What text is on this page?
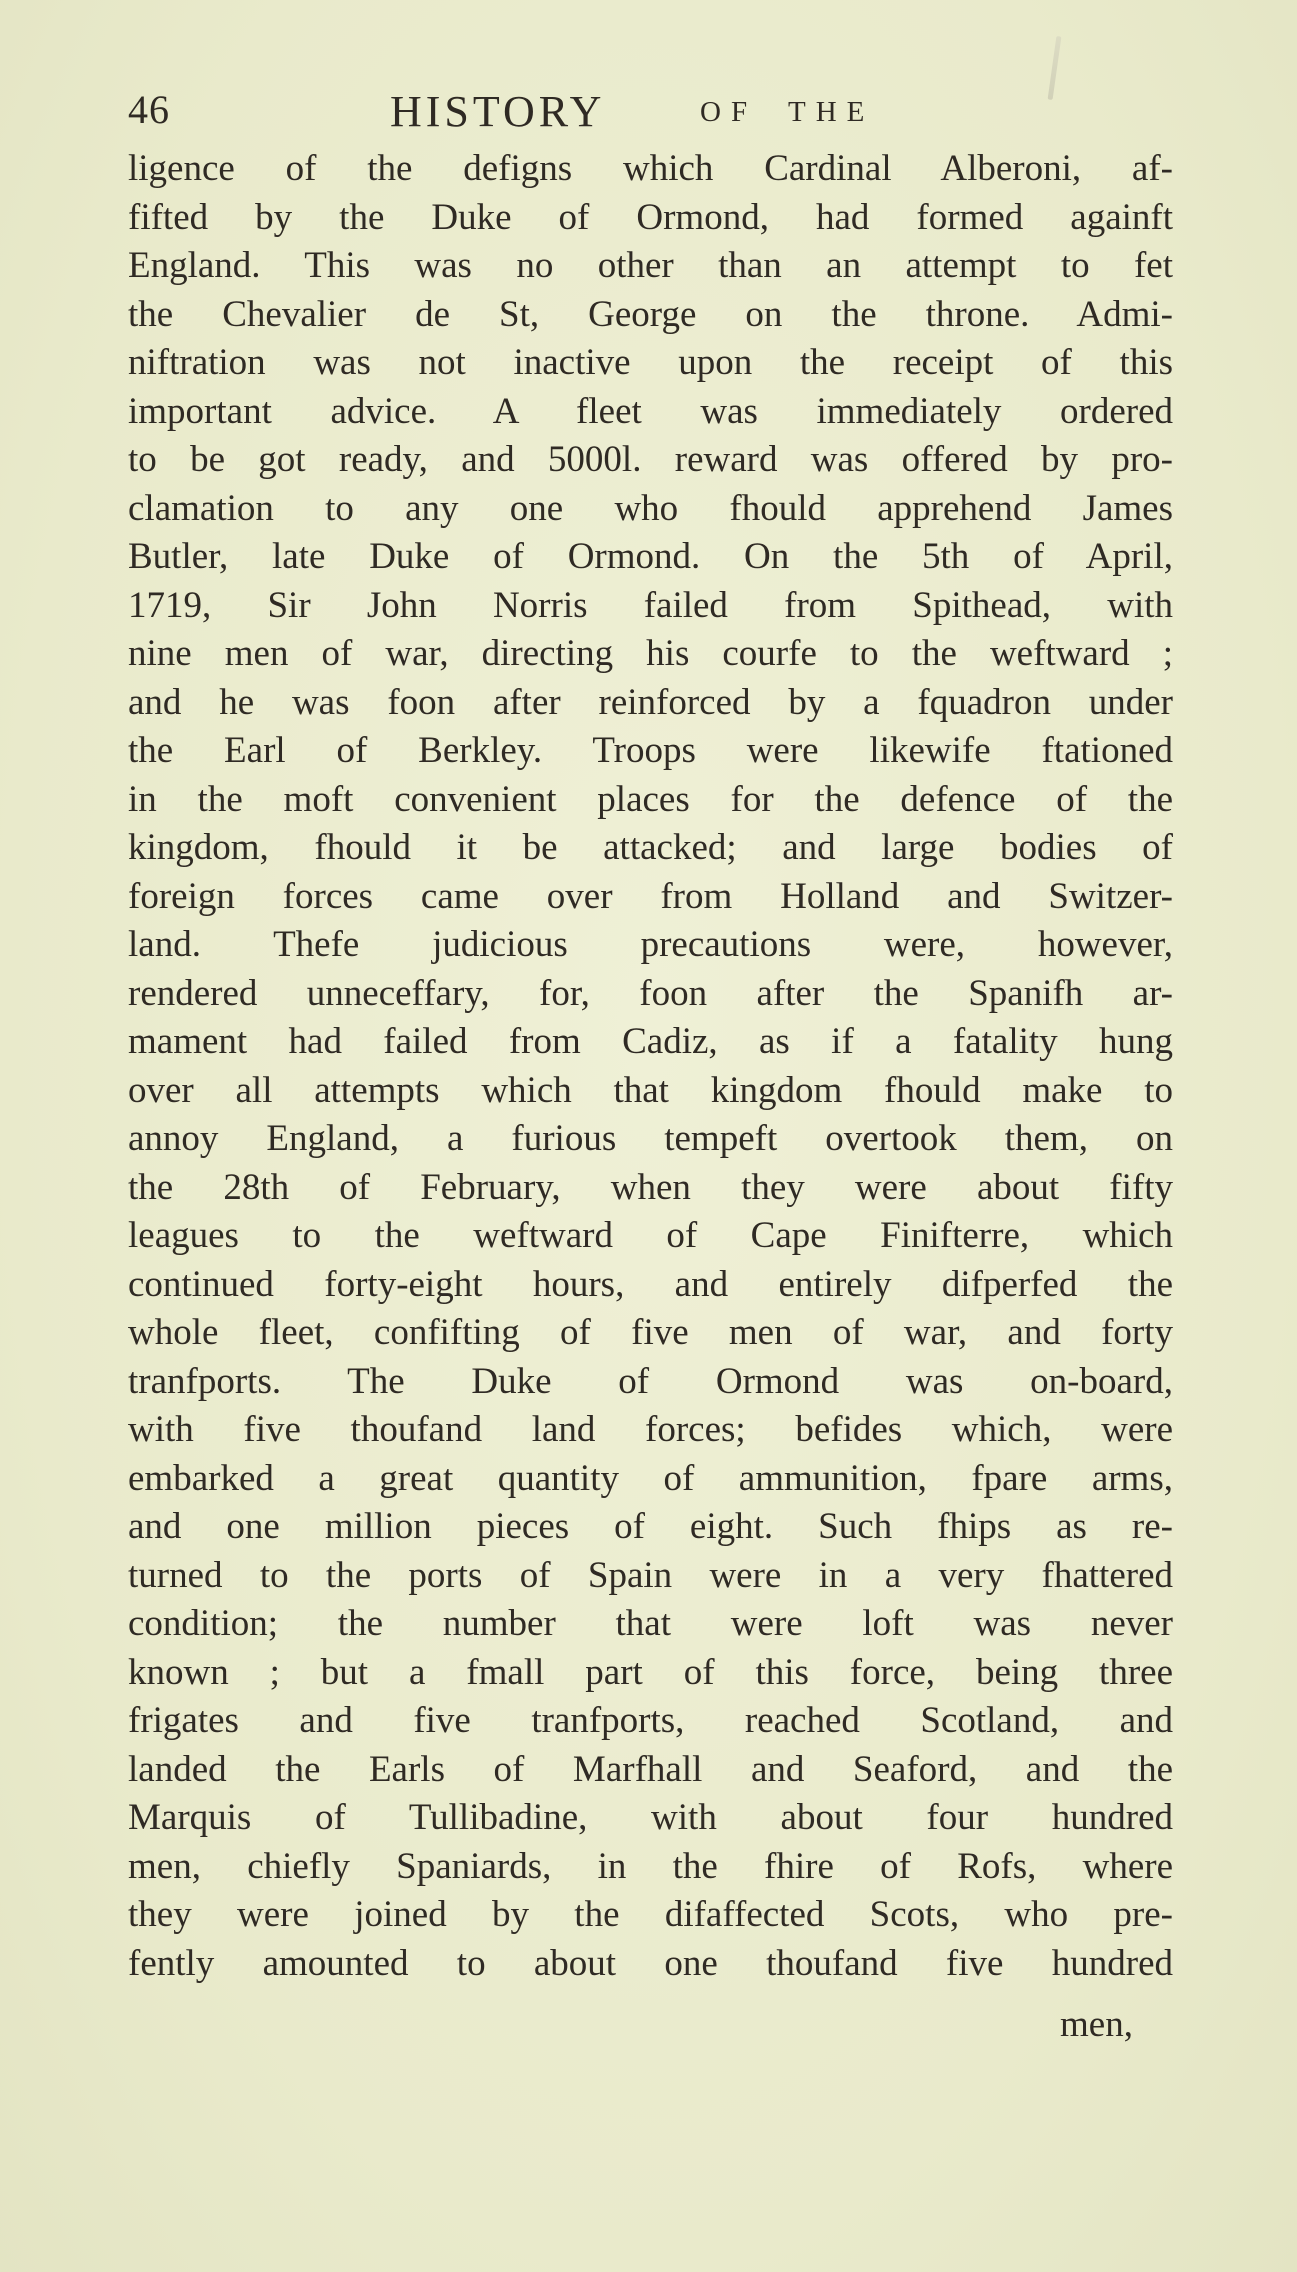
46	HISTORY	OF THE
ligence of the defigns which Cardinal Alberoni, af-
fifted by the Duke of Ormond, had formed againft
England. This was no other than an attempt to fet
the Chevalier de St, George on the throne. Admi-
niftration was not inactive upon the receipt of this
important advice. A fleet was immediately ordered
to be got ready, and 5000l. reward was offered by pro-
clamation to any one who fhould apprehend James
Butler, late Duke of Ormond. On the 5th of April,
1719, Sir John Norris failed from Spithead, with
nine men of war, directing his courfe to the weftward ;
and he was foon after reinforced by a fquadron under
the Earl of Berkley. Troops were likewife ftationed
in the moft convenient places for the defence of the
kingdom, fhould it be attacked; and large bodies of
foreign forces came over from Holland and Switzer-
land. Thefe judicious precautions were, however,
rendered unneceffary, for, foon after the Spanifh ar-
mament had failed from Cadiz, as if a fatality hung
over all attempts which that kingdom fhould make to
annoy England, a furious tempeft overtook them, on
the 28th of February, when they were about fifty
leagues to the weftward of Cape Finifterre, which
continued forty-eight hours, and entirely difperfed the
whole fleet, confifting of five men of war, and forty
tranfports. The Duke of Ormond was on-board,
with five thoufand land forces; befides which, were
embarked a great quantity of ammunition, fpare arms,
and one million pieces of eight. Such fhips as re-
turned to the ports of Spain were in a very fhattered
condition; the number that were loft was never
known ; but a fmall part of this force, being three
frigates and five tranfports, reached Scotland, and
landed the Earls of Marfhall and Seaford, and the
Marquis of Tullibadine, with about four hundred
men, chiefly Spaniards, in the fhire of Rofs, where
they were joined by the difaffected Scots, who pre-
fently amounted to about one thoufand five hundred
men,
